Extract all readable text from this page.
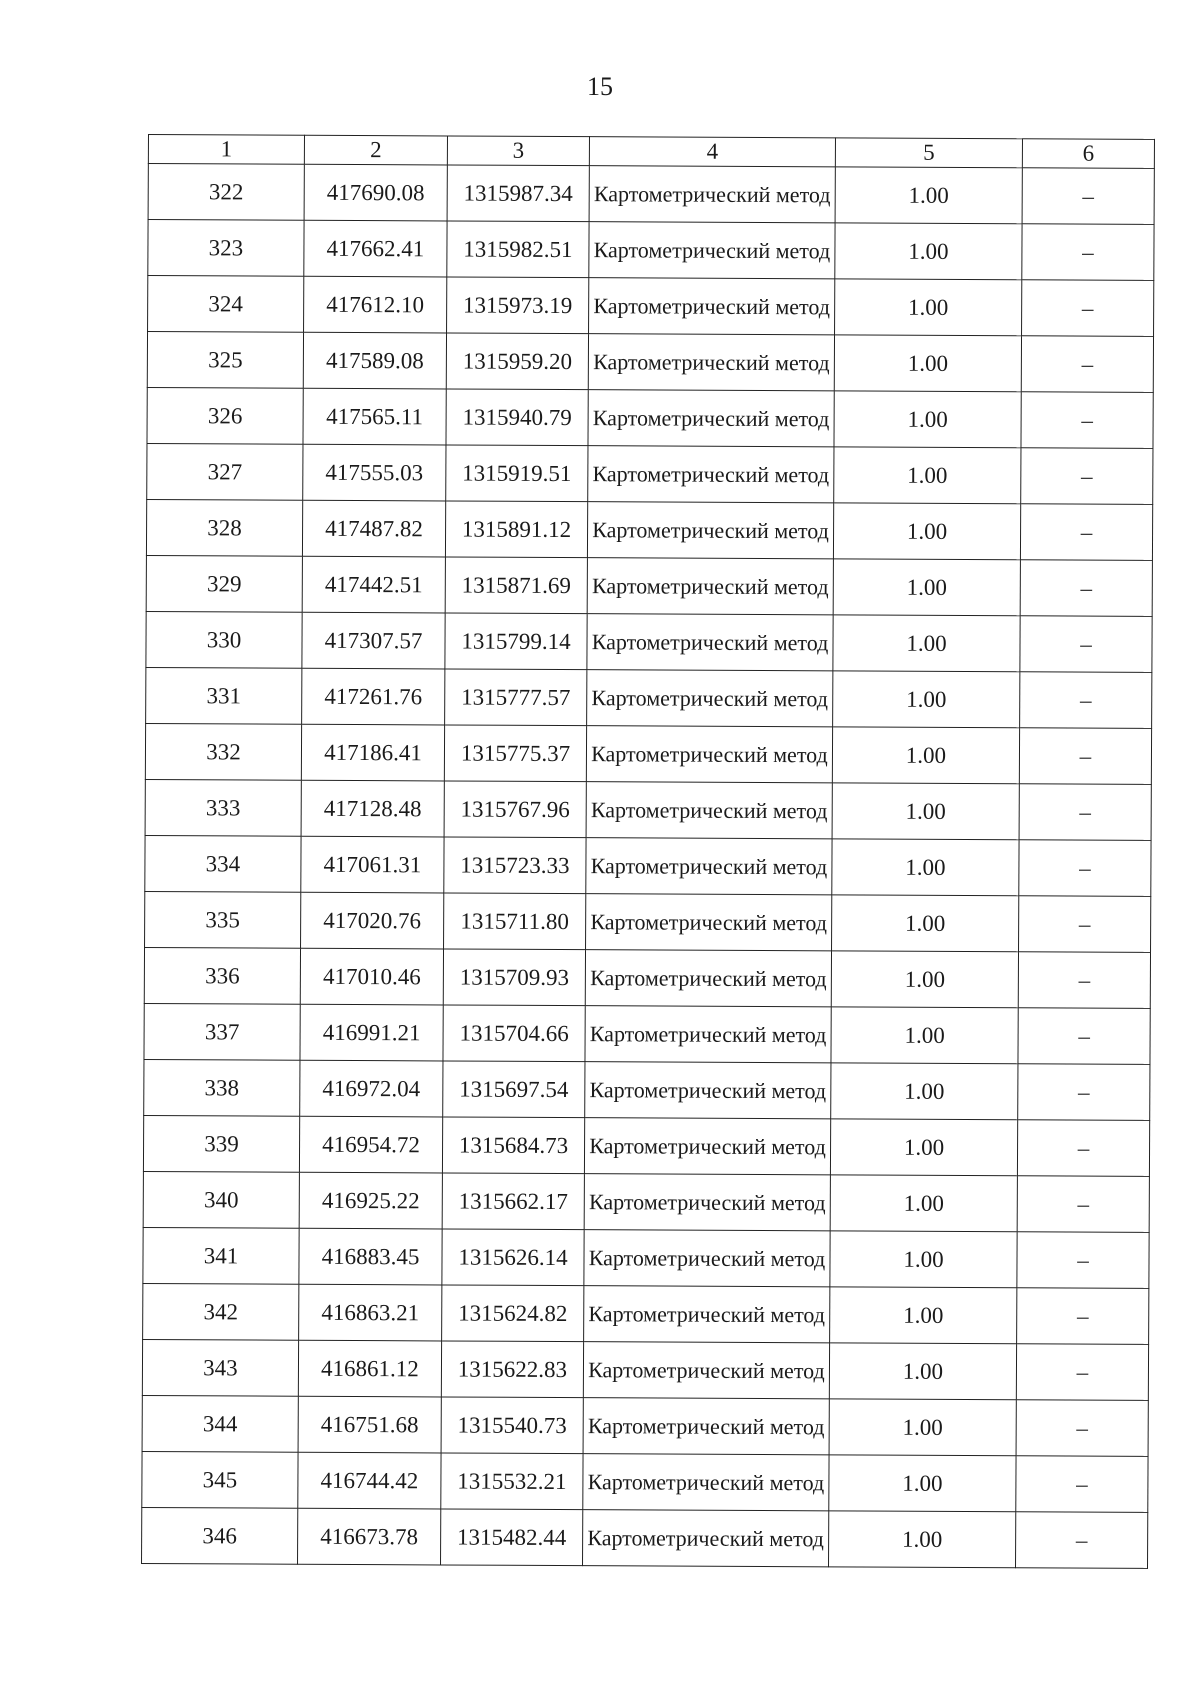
15
1	2	3	4	5	6
322	417690.08	1315987.34	Картометрический метод	1.00	–
323	417662.41	1315982.51	Картометрический метод	1.00	–
324	417612.10	1315973.19	Картометрический метод	1.00	–
325	417589.08	1315959.20	Картометрический метод	1.00	–
326	417565.11	1315940.79	Картометрический метод	1.00	–
327	417555.03	1315919.51	Картометрический метод	1.00	–
328	417487.82	1315891.12	Картометрический метод	1.00	–
329	417442.51	1315871.69	Картометрический метод	1.00	–
330	417307.57	1315799.14	Картометрический метод	1.00	–
331	417261.76	1315777.57	Картометрический метод	1.00	–
332	417186.41	1315775.37	Картометрический метод	1.00	–
333	417128.48	1315767.96	Картометрический метод	1.00	–
334	417061.31	1315723.33	Картометрический метод	1.00	–
335	417020.76	1315711.80	Картометрический метод	1.00	–
336	417010.46	1315709.93	Картометрический метод	1.00	–
337	416991.21	1315704.66	Картометрический метод	1.00	–
338	416972.04	1315697.54	Картометрический метод	1.00	–
339	416954.72	1315684.73	Картометрический метод	1.00	–
340	416925.22	1315662.17	Картометрический метод	1.00	–
341	416883.45	1315626.14	Картометрический метод	1.00	–
342	416863.21	1315624.82	Картометрический метод	1.00	–
343	416861.12	1315622.83	Картометрический метод	1.00	–
344	416751.68	1315540.73	Картометрический метод	1.00	–
345	416744.42	1315532.21	Картометрический метод	1.00	–
346	416673.78	1315482.44	Картометрический метод	1.00	–
